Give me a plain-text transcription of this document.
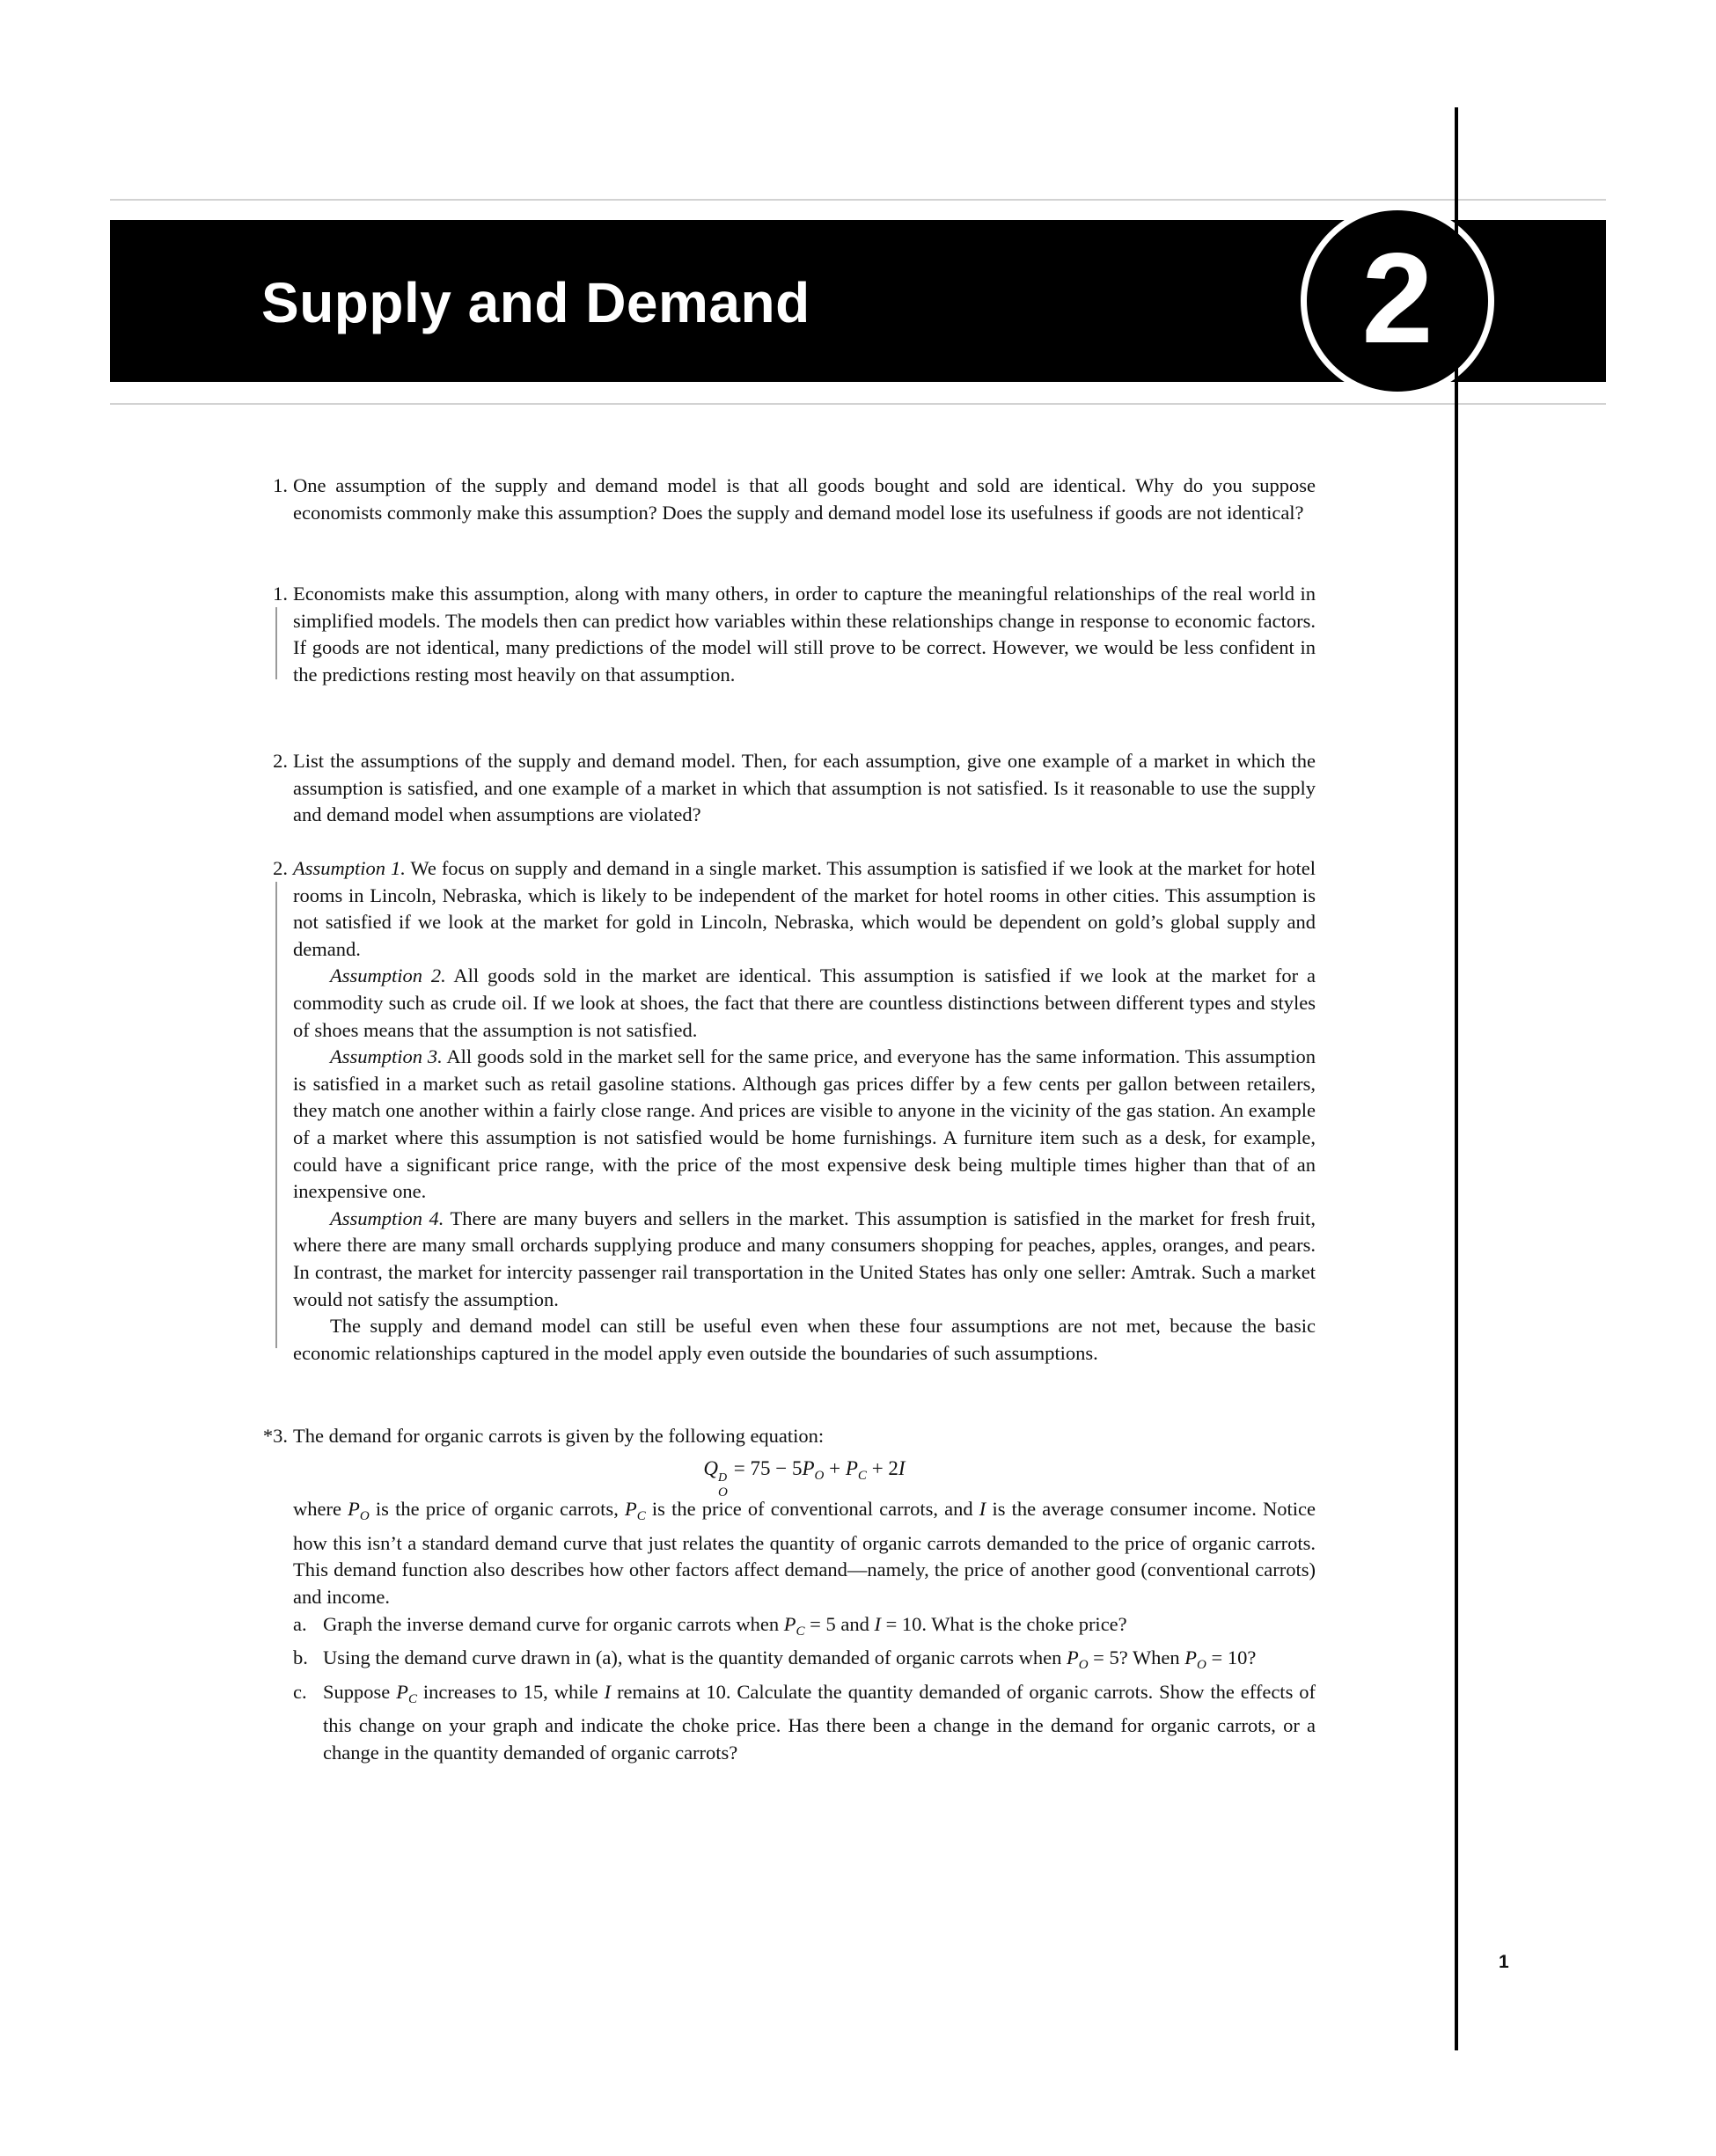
Supply and Demand	2
1. One assumption of the supply and demand model is that all goods bought and sold are identical. Why do you suppose economists commonly make this assumption? Does the supply and demand model lose its usefulness if goods are not identical?

1. Economists make this assumption, along with many others, in order to capture the meaningful relationships of the real world in simplified models. The models then can predict how variables within these relationships change in response to economic factors. If goods are not identical, many predictions of the model will still prove to be correct. However, we would be less confident in the predictions resting most heavily on that assumption.

2. List the assumptions of the supply and demand model. Then, for each assumption, give one example of a market in which the assumption is satisfied, and one example of a market in which that assumption is not satisfied. Is it reasonable to use the supply and demand model when assumptions are violated?

2. Assumption 1. We focus on supply and demand in a single market. This assumption is satisfied if we look at the market for hotel rooms in Lincoln, Nebraska, which is likely to be independent of the market for hotel rooms in other cities. This assumption is not satisfied if we look at the market for gold in Lincoln, Nebraska, which would be dependent on gold’s global supply and demand.

Assumption 2. All goods sold in the market are identical. This assumption is satisfied if we look at the market for a commodity such as crude oil. If we look at shoes, the fact that there are countless distinctions between different types and styles of shoes means that the assumption is not satisfied.

Assumption 3. All goods sold in the market sell for the same price, and everyone has the same information. This assumption is satisfied in a market such as retail gasoline stations. Although gas prices differ by a few cents per gallon between retailers, they match one another within a fairly close range. And prices are visible to anyone in the vicinity of the gas station. An example of a market where this assumption is not satisfied would be home furnishings. A furniture item such as a desk, for example, could have a significant price range, with the price of the most expensive desk being multiple times higher than that of an inexpensive one.

Assumption 4. There are many buyers and sellers in the market. This assumption is satisfied in the market for fresh fruit, where there are many small orchards supplying produce and many consumers shopping for peaches, apples, oranges, and pears. In contrast, the market for intercity passenger rail transportation in the United States has only one seller: Amtrak. Such a market would not satisfy the assumption.

The supply and demand model can still be useful even when these four assumptions are not met, because the basic economic relationships captured in the model apply even outside the boundaries of such assumptions.

*3. The demand for organic carrots is given by the following equation:

Q D
O
= $75 - 5P_O + P_C + 2I$

where $P_O$ is the price of organic carrots, $P_C$ is the price of conventional carrots, and I is the average consumer income. Notice how this isn’t a standard demand curve that just relates the quantity of organic carrots demanded to the price of organic carrots. This demand function also describes how other factors affect demand—namely, the price of another good (conventional carrots) and income.

a. Graph the inverse demand curve for organic carrots when $P_C = 5$ and I = 10. What is the choke price?

b. Using the demand curve drawn in (a), what is the quantity demanded of organic carrots when $P_O = 5$? When $P_O = 10$?

c. Suppose $P_C$ increases to 15, while I remains at 10. Calculate the quantity demanded of organic carrots. Show the effects of this change on your graph and indicate the choke price. Has there been a change in the demand for organic carrots, or a change in the quantity demanded of organic carrots?

1
